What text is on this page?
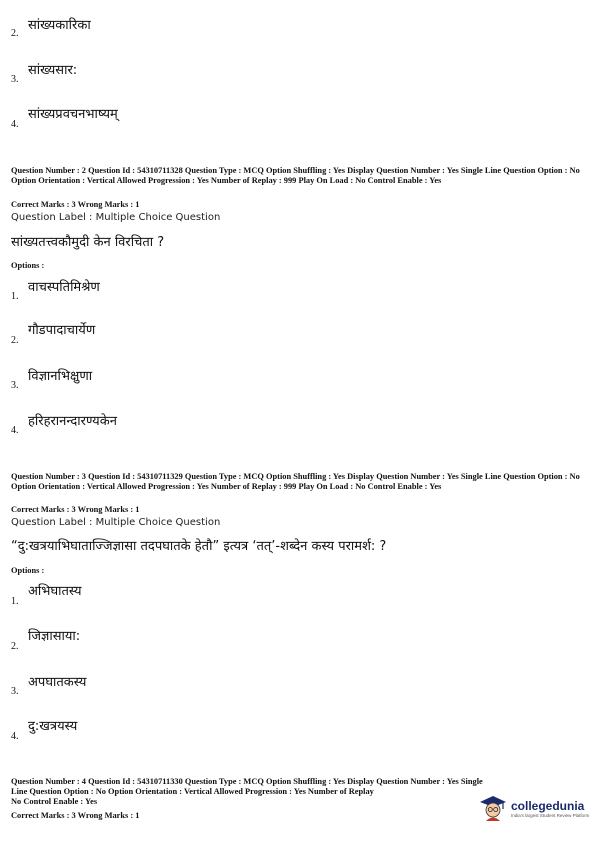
सांख्यकारिका
2.
सांख्यसार:
3.
सांख्यप्रवचनभाष्यम्
4.
Question Number : 2 Question Id : 54310711328 Question Type : MCQ Option Shuffling : Yes Display Question Number : Yes Single Line Question Option : No Option Orientation : Vertical Allowed Progression : Yes Number of Replay : 999 Play On Load : No Control Enable : Yes
Correct Marks : 3 Wrong Marks : 1
Question Label : Multiple Choice Question
सांख्यतत्त्वकौमुदी केन विरचिता ?
Options :
वाचस्पतिमिश्रेण
1.
गौडपादाचार्येण
2.
विज्ञानभिक्षुणा
3.
हरिहरानन्दारण्यकेन
4.
Question Number : 3 Question Id : 54310711329 Question Type : MCQ Option Shuffling : Yes Display Question Number : Yes Single Line Question Option : No Option Orientation : Vertical Allowed Progression : Yes Number of Replay : 999 Play On Load : No Control Enable : Yes
Correct Marks : 3 Wrong Marks : 1
Question Label : Multiple Choice Question
“दु:खत्रयाभिघाताज्जिज्ञासा तदपघातके हेतौ” इत्यत्र ‘तत्’-शब्देन कस्य परामर्श: ?
Options :
अभिघातस्य
1.
जिज्ञासाया:
2.
अपघातकस्य
3.
दु:खत्रयस्य
4.
Question Number : 4 Question Id : 54310711330 Question Type : MCQ Option Shuffling : Yes Display Question Number : Yes Single Line Question Option : No Option Orientation : Vertical Allowed Progression : Yes Number of Replay
No Control Enable : Yes
Correct Marks : 3 Wrong Marks : 1
collegedunia
India's largest Student Review Platform
